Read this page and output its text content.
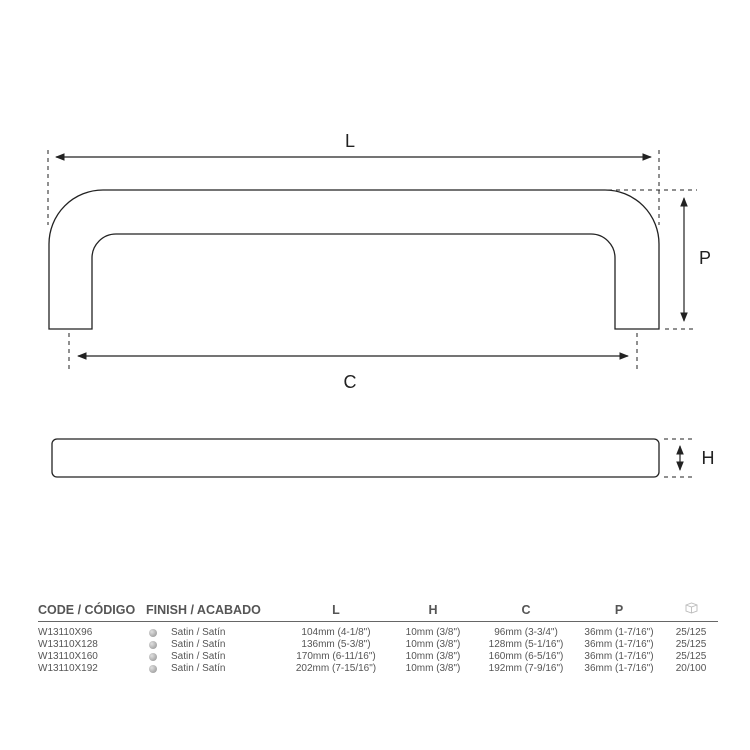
L
C
P
H
CODE / CÓDIGO	FINISH / ACABADO	L	H	C	P	
W13110X96	Satin / Satín	104mm (4-1/8")	10mm (3/8")	96mm (3-3/4")	36mm (1-7/16")	25/125
W13110X128	Satin / Satín	136mm (5-3/8")	10mm (3/8")	128mm (5-1/16")	36mm (1-7/16")	25/125
W13110X160	Satin / Satín	170mm (6-11/16")	10mm (3/8")	160mm (6-5/16")	36mm (1-7/16")	25/125
W13110X192	Satin / Satín	202mm (7-15/16")	10mm (3/8")	192mm (7-9/16")	36mm (1-7/16")	20/100
